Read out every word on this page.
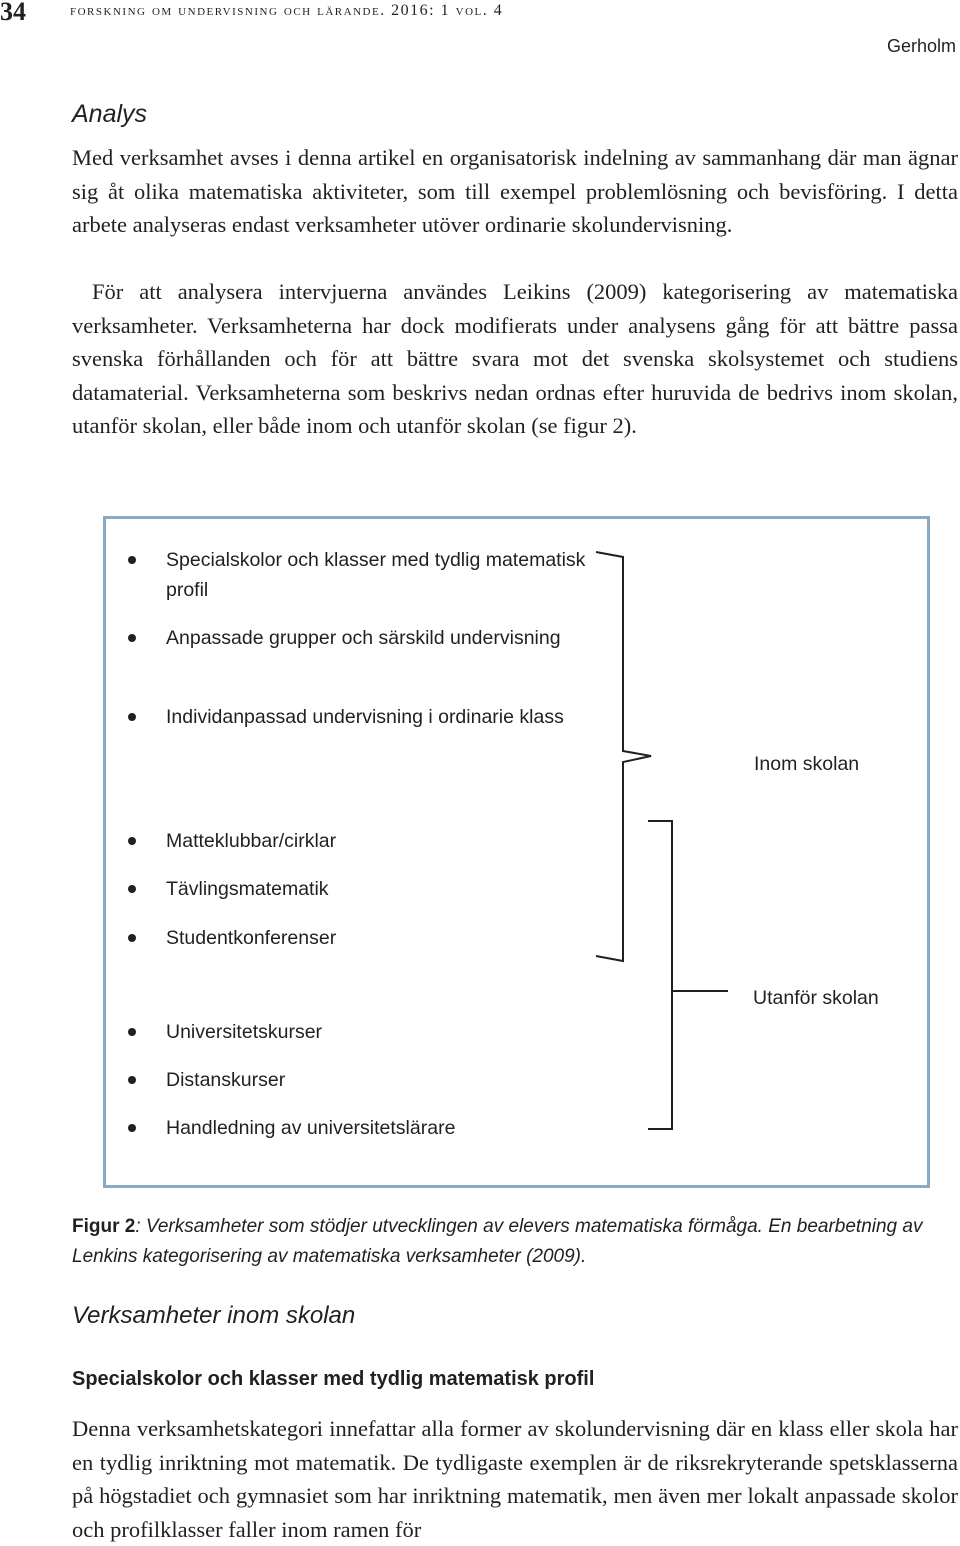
34	forskning om undervisning och lärande. 2016: 1 vol. 4
Gerholm
Analys

Med verksamhet avses i denna artikel en organisatorisk indelning av sammanhang där man ägnar sig åt olika matematiska aktiviteter, som till exempel problemlösning och bevisföring. I detta arbete analyseras endast verksamheter utöver ordinarie skolundervisning.

För att analysera intervjuerna användes Leikins (2009) kategorisering av matematiska verksamheter. Verksamheterna har dock modifierats under analysens gång för att bättre passa svenska förhållanden och för att bättre svara mot det svenska skolsystemet och studiens datamaterial. Verksamheterna som beskrivs nedan ordnas efter huruvida de bedrivs inom skolan, utanför skolan, eller både inom och utanför skolan (se figur 2).

Specialskolor och klasser med tydlig matematisk profil
Anpassade grupper och särskild undervisning
Individanpassad undervisning i ordinarie klass
Matteklubbar/cirklar
Tävlingsmatematik
Studentkonferenser
Universitetskurser
Distanskurser
Handledning av universitetslärare
Inom skolan
Utanför skolan

Figur 2: Verksamheter som stödjer utvecklingen av elevers matematiska förmåga. En bearbetning av Lenkins kategorisering av matematiska verksamheter (2009).

Verksamheter inom skolan
Specialskolor och klasser med tydlig matematisk profil

Denna verksamhetskategori innefattar alla former av skolundervisning där en klass eller skola har en tydlig inriktning mot matematik. De tydligaste exemplen är de riksrekryterande spetsklasserna på högstadiet och gymnasiet som har inriktning matematik, men även mer lokalt anpassade skolor och profilklasser faller inom ramen för
